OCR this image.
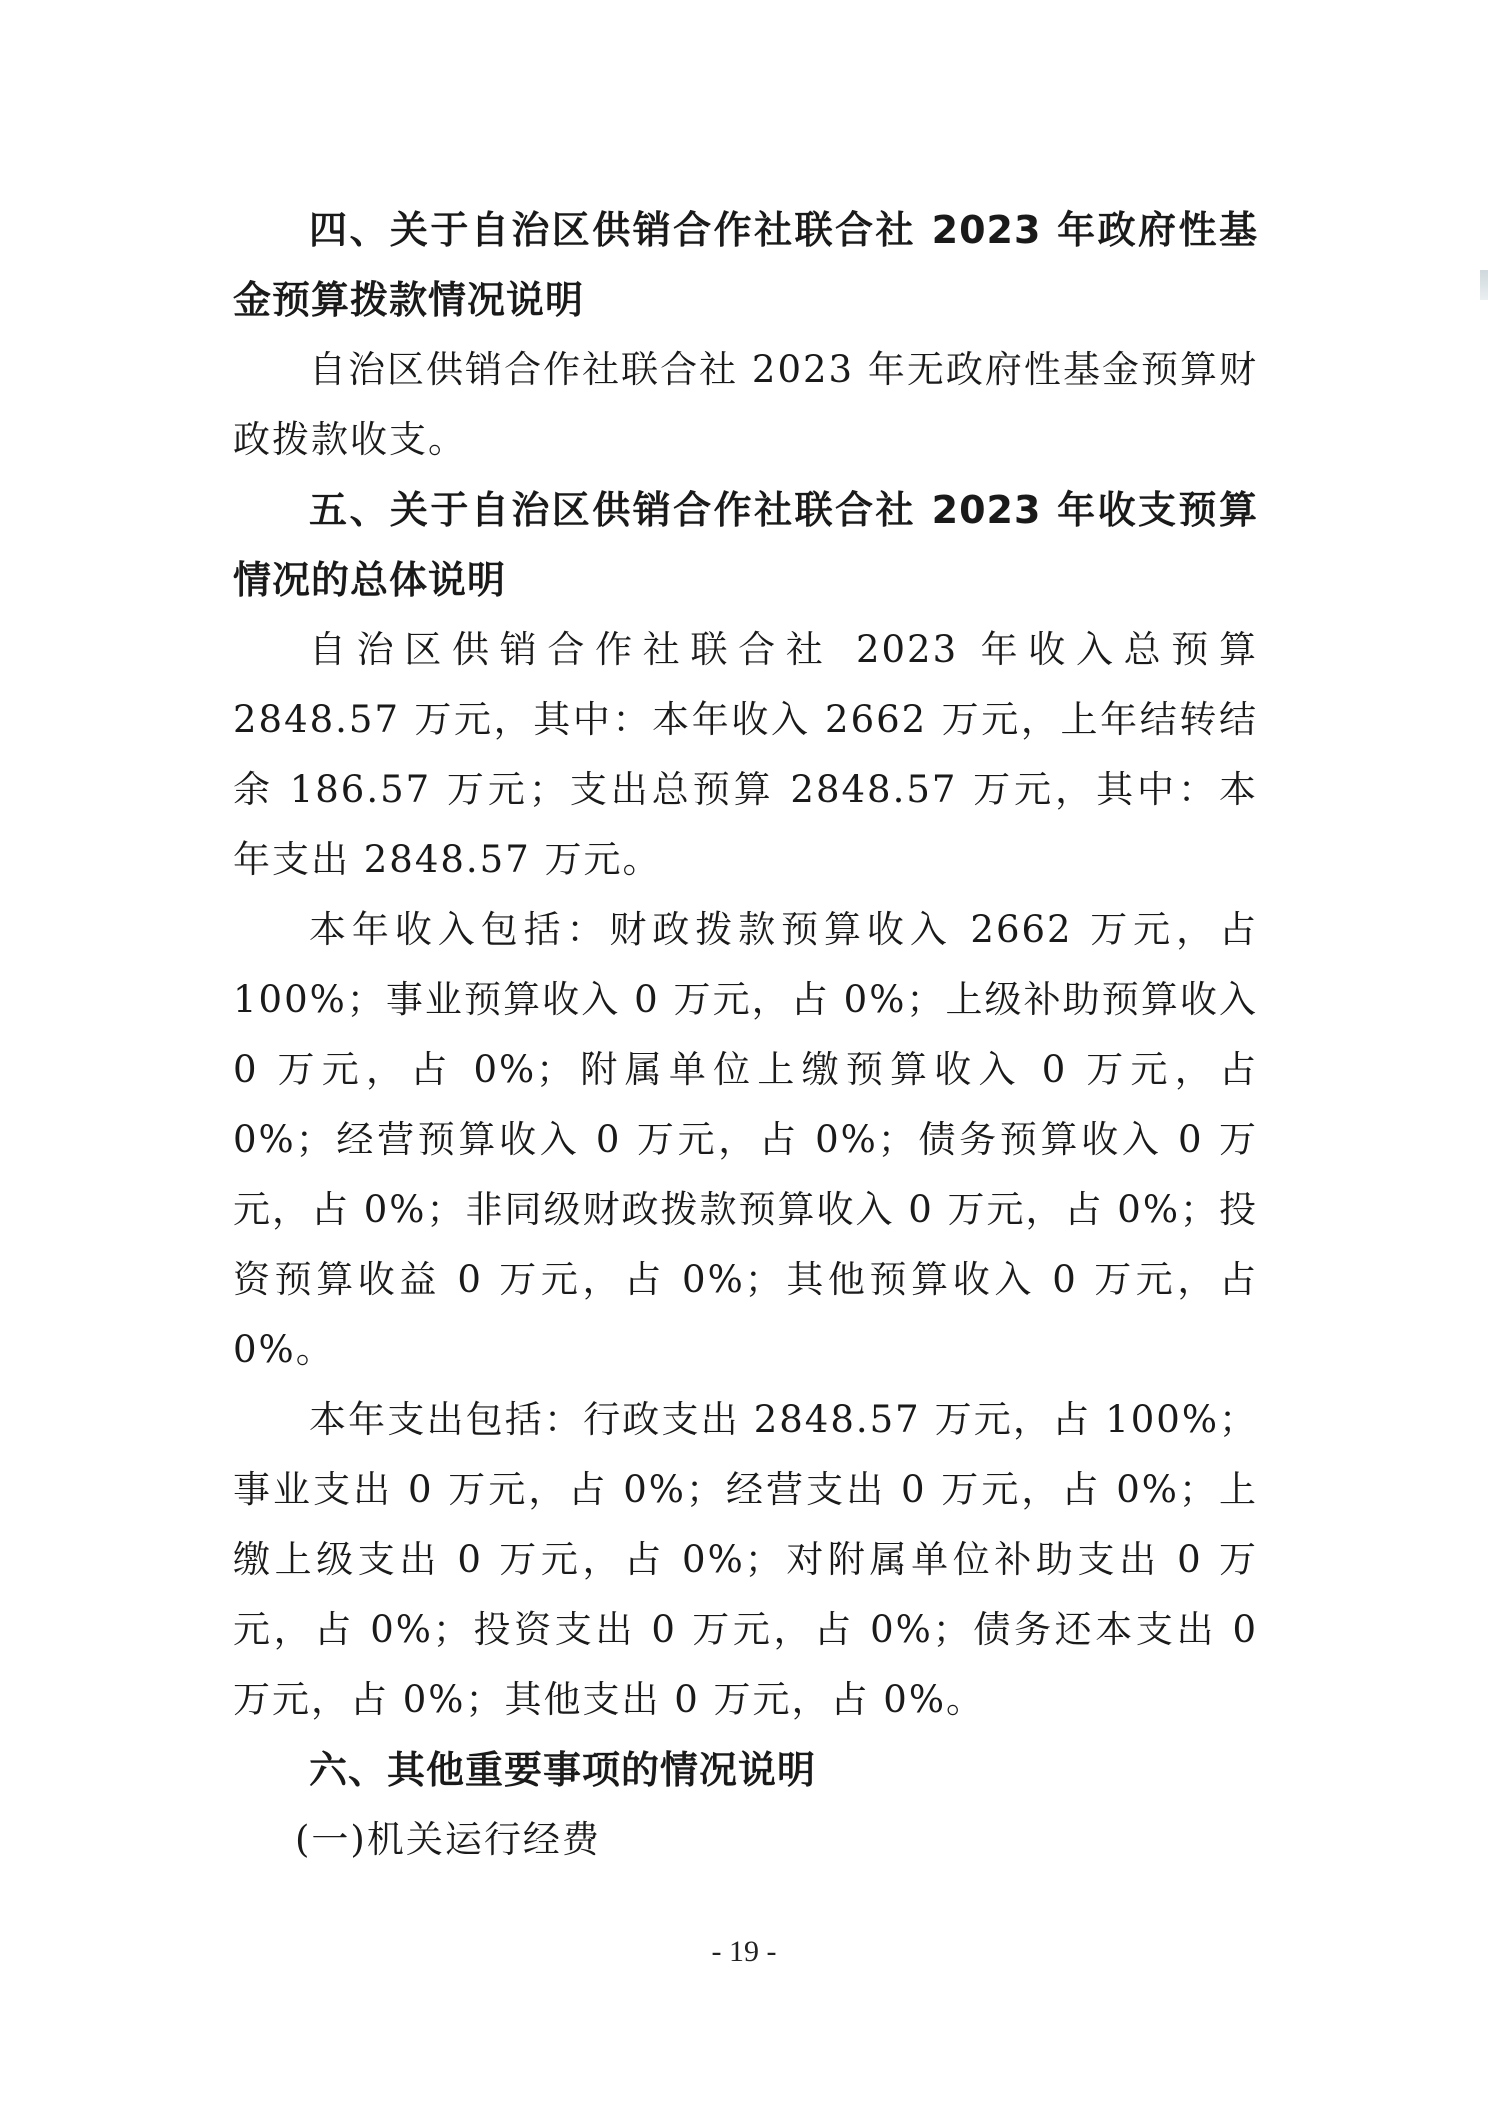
四、关于自治区供销合作社联合社 2023 年政府性基金预算拨款情况说明

自治区供销合作社联合社 2023 年无政府性基金预算财政拨款收支。

五、关于自治区供销合作社联合社 2023 年收支预算情况的总体说明

自治区供销合作社联合社 2023 年收入总预算 2848.57 万元，其中：本年收入 2662 万元，上年结转结余 186.57 万元；支出总预算 2848.57 万元，其中：本年支出 2848.57 万元。

本年收入包括：财政拨款预算收入 2662 万元，占 100%；事业预算收入 0 万元，占 0%；上级补助预算收入 0 万元，占 0%；附属单位上缴预算收入 0 万元，占 0%；经营预算收入 0 万元，占 0%；债务预算收入 0 万元，占 0%；非同级财政拨款预算收入 0 万元，占 0%；投资预算收益 0 万元，占 0%；其他预算收入 0 万元，占 0%。

本年支出包括：行政支出 2848.57 万元，占 100%；事业支出 0 万元，占 0%；经营支出 0 万元，占 0%；上缴上级支出 0 万元，占 0%；对附属单位补助支出 0 万元，占 0%；投资支出 0 万元，占 0%；债务还本支出 0 万元，占 0%；其他支出 0 万元，占 0%。

六、其他重要事项的情况说明

(一)机关运行经费

- 19 -
